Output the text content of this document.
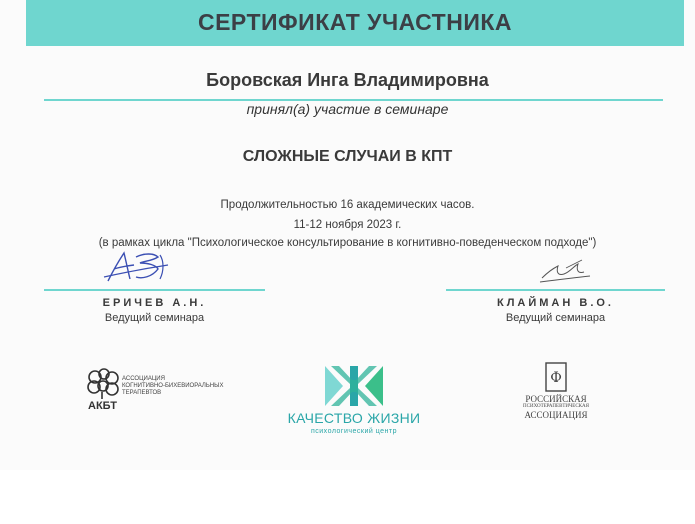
СЕРТИФИКАТ УЧАСТНИКА
Боровская Инга Владимировна
принял(а) участие в семинаре
СЛОЖНЫЕ СЛУЧАИ В КПТ
Продолжительностью 16 академических часов.
11-12 ноября 2023 г.
(в рамках цикла "Психологическое консультирование в когнитивно-поведенческом подходе")
ЕРИЧЕВ А.Н.
Ведущий семинара
КЛАЙМАН В.О.
Ведущий семинара
АКБТ
АССОЦИАЦИЯ
КОГНИТИВНО-БИХЕВИОРАЛЬНЫХ
ТЕРАПЕВТОВ
КАЧЕСТВО ЖИЗНИ
психологический центр
Ф
РОССИЙСКАЯ
ПСИХОТЕРАПЕВТИЧЕСКАЯ
АССОЦИАЦИЯ
